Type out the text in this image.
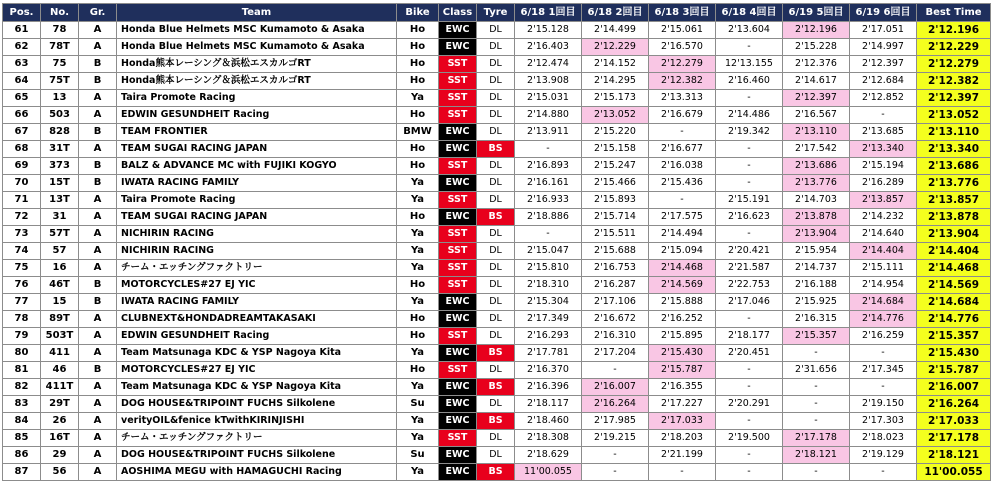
Pos.	No.	Gr.	Team	Bike	Class	Tyre	6/18 1回目	6/18 2回目	6/18 3回目	6/18 4回目	6/19 5回目	6/19 6回目	Best Time
61	78	A	Honda Blue Helmets MSC Kumamoto & Asaka	Ho	EWC	DL	2'15.128	2'14.499	2'15.061	2'13.604	2'12.196	2'17.051	2'12.196
62	78T	A	Honda Blue Helmets MSC Kumamoto & Asaka	Ho	EWC	DL	2'16.403	2'12.229	2'16.570	-	2'15.228	2'14.997	2'12.229
63	75	B	Honda熊本レーシング＆浜松エスカルゴRT	Ho	SST	DL	2'12.474	2'14.152	2'12.279	12'13.155	2'12.376	2'12.397	2'12.279
64	75T	B	Honda熊本レーシング＆浜松エスカルゴRT	Ho	SST	DL	2'13.908	2'14.295	2'12.382	2'16.460	2'14.617	2'12.684	2'12.382
65	13	A	Taira Promote Racing	Ya	SST	DL	2'15.031	2'15.173	2'13.313	-	2'12.397	2'12.852	2'12.397
66	503	A	EDWIN GESUNDHEIT Racing	Ho	SST	DL	2'14.880	2'13.052	2'16.679	2'14.486	2'16.567	-	2'13.052
67	828	B	TEAM FRONTIER	BMW	EWC	DL	2'13.911	2'15.220	-	2'19.342	2'13.110	2'13.685	2'13.110
68	31T	A	TEAM SUGAI RACING JAPAN	Ho	EWC	BS	-	2'15.158	2'16.677	-	2'17.542	2'13.340	2'13.340
69	373	B	BALZ & ADVANCE MC with FUJIKI KOGYO	Ho	SST	DL	2'16.893	2'15.247	2'16.038	-	2'13.686	2'15.194	2'13.686
70	15T	B	IWATA RACING FAMILY	Ya	EWC	DL	2'16.161	2'15.466	2'15.436	-	2'13.776	2'16.289	2'13.776
71	13T	A	Taira Promote Racing	Ya	SST	DL	2'16.933	2'15.893	-	2'15.191	2'14.703	2'13.857	2'13.857
72	31	A	TEAM SUGAI RACING JAPAN	Ho	EWC	BS	2'18.886	2'15.714	2'17.575	2'16.623	2'13.878	2'14.232	2'13.878
73	57T	A	NICHIRIN RACING	Ya	SST	DL	-	2'15.511	2'14.494	-	2'13.904	2'14.640	2'13.904
74	57	A	NICHIRIN RACING	Ya	SST	DL	2'15.047	2'15.688	2'15.094	2'20.421	2'15.954	2'14.404	2'14.404
75	16	A	チーム・エッチングファクトリー	Ya	SST	DL	2'15.810	2'16.753	2'14.468	2'21.587	2'14.737	2'15.111	2'14.468
76	46T	B	MOTORCYCLES#27 EJ YIC	Ho	SST	DL	2'18.310	2'16.287	2'14.569	2'22.753	2'16.188	2'14.954	2'14.569
77	15	B	IWATA RACING FAMILY	Ya	EWC	DL	2'15.304	2'17.106	2'15.888	2'17.046	2'15.925	2'14.684	2'14.684
78	89T	A	CLUBNEXT&HONDADREAMTAKASAKI	Ho	EWC	DL	2'17.349	2'16.672	2'16.252	-	2'16.315	2'14.776	2'14.776
79	503T	A	EDWIN GESUNDHEIT Racing	Ho	SST	DL	2'16.293	2'16.310	2'15.895	2'18.177	2'15.357	2'16.259	2'15.357
80	411	A	Team Matsunaga KDC & YSP Nagoya Kita	Ya	EWC	BS	2'17.781	2'17.204	2'15.430	2'20.451	-	-	2'15.430
81	46	B	MOTORCYCLES#27 EJ YIC	Ho	SST	DL	2'16.370	-	2'15.787	-	2'31.656	2'17.345	2'15.787
82	411T	A	Team Matsunaga KDC & YSP Nagoya Kita	Ya	EWC	BS	2'16.396	2'16.007	2'16.355	-	-	-	2'16.007
83	29T	A	DOG HOUSE&TRIPOINT FUCHS Silkolene	Su	EWC	DL	2'18.117	2'16.264	2'17.227	2'20.291	-	2'19.150	2'16.264
84	26	A	verityOIL&fenice kTwithKIRINJISHI	Ya	EWC	BS	2'18.460	2'17.985	2'17.033	-	-	2'17.303	2'17.033
85	16T	A	チーム・エッチングファクトリー	Ya	SST	DL	2'18.308	2'19.215	2'18.203	2'19.500	2'17.178	2'18.023	2'17.178
86	29	A	DOG HOUSE&TRIPOINT FUCHS Silkolene	Su	EWC	DL	2'18.629	-	2'21.199	-	2'18.121	2'19.129	2'18.121
87	56	A	AOSHIMA MEGU with HAMAGUCHI Racing	Ya	EWC	BS	11'00.055	-	-	-	-	-	11'00.055
